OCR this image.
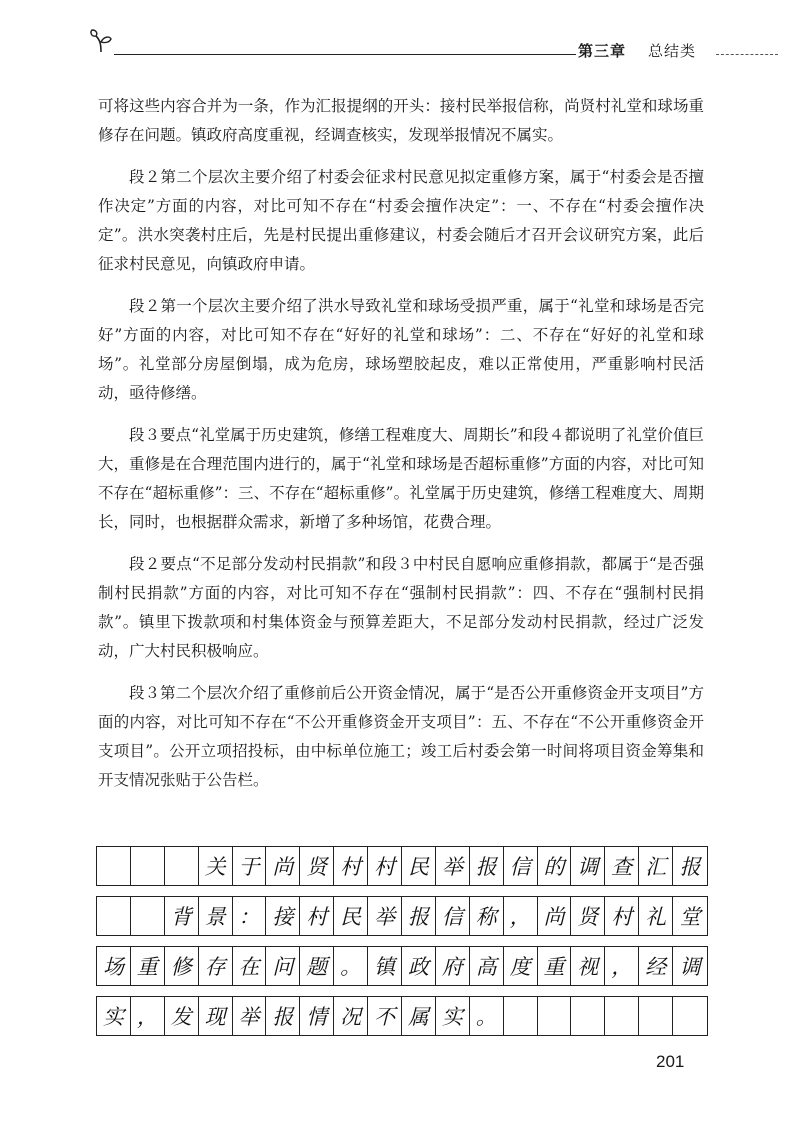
第三章 总结类

可将这些内容合并为一条，作为汇报提纲的开头：接村民举报信称，尚贤村礼堂和球场重修存在问题。镇政府高度重视，经调查核实，发现举报情况不属实。

段２第二个层次主要介绍了村委会征求村民意见拟定重修方案，属于“村委会是否擅作决定”方面的内容，对比可知不存在“村委会擅作决定”：一、不存在“村委会擅作决定”。洪水突袭村庄后，先是村民提出重修建议，村委会随后才召开会议研究方案，此后征求村民意见，向镇政府申请。

段２第一个层次主要介绍了洪水导致礼堂和球场受损严重，属于“礼堂和球场是否完好”方面的内容，对比可知不存在“好好的礼堂和球场”：二、不存在“好好的礼堂和球场”。礼堂部分房屋倒塌，成为危房，球场塑胶起皮，难以正常使用，严重影响村民活动，亟待修缮。

段３要点“礼堂属于历史建筑，修缮工程难度大、周期长”和段４都说明了礼堂价值巨大，重修是在合理范围内进行的，属于“礼堂和球场是否超标重修”方面的内容，对比可知不存在“超标重修”：三、不存在“超标重修”。礼堂属于历史建筑，修缮工程难度大、周期长，同时，也根据群众需求，新增了多种场馆，花费合理。

段２要点“不足部分发动村民捐款”和段３中村民自愿响应重修捐款，都属于“是否强制村民捐款”方面的内容，对比可知不存在“强制村民捐款”：四、不存在“强制村民捐款”。镇里下拨款项和村集体资金与预算差距大，不足部分发动村民捐款，经过广泛发动，广大村民积极响应。

段３第二个层次介绍了重修前后公开资金情况，属于“是否公开重修资金开支项目”方面的内容，对比可知不存在“不公开重修资金开支项目”：五、不存在“不公开重修资金开支项目”。公开立项招投标，由中标单位施工；竣工后村委会第一时间将项目资金筹集和开支情况张贴于公告栏。

关 于 尚 贤 村 村 民 举 报 信 的 调 查 汇 报
背 景 ： 接 村 民 举 报 信 称 ， 尚 贤 村 礼 堂
场 重 修 存 在 问 题 。 镇 政 府 高 度 重 视 ， 经 调
实 ， 发 现 举 报 情 况 不 属 实 。
201
